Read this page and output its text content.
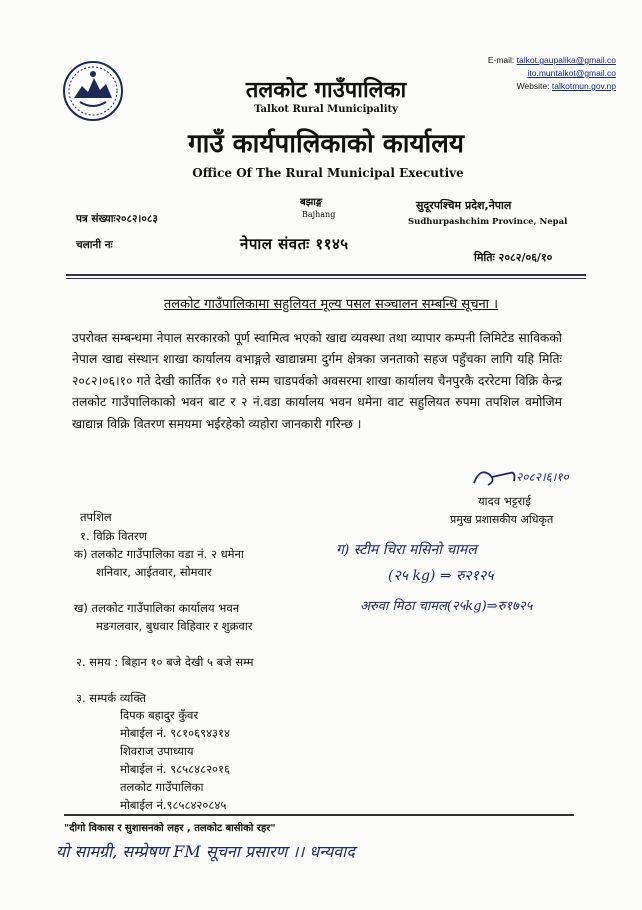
E-mail: talkot.gaupalika@gmail.co
ito.muntalkot@gmail.co
Website: talkotmun.gov.np
तलकोट गाउँपालिका
Talkot Rural Municipality
गाउँ कार्यपालिकाको कार्यालय
Office Of The Rural Municipal Executive
बझाङ्ग
Bajhang
सुदूरपश्चिम प्रदेश,नेपाल
Sudhurpashchim Province, Nepal
पत्र संख्याः२०८२।०८३
चलानी नः	नेपाल संवतः ११४५
मितिः २०८२/०६/१०
तलकोट गाउँपालिकामा सहुलियत मूल्य पसल सञ्चालन सम्बन्धि सूचना ।
उपरोक्त सम्बन्धमा नेपाल सरकारको पूर्ण स्वामित्व भएको खाद्य व्यवस्था तथा व्यापार कम्पनी लिमिटेड साविकको नेपाल खाद्य संस्थान शाखा कार्यालय वभाङ्गले खाद्यान्नमा दुर्गम क्षेत्रका जनताको सहज पहुँचका लागि यहि मितिः २०८२।०६।१० गते देखी कार्तिक १० गते सम्म चाडपर्वको अवसरमा शाखा कार्यालय चैनपुरकै दररेटमा विक्रि केन्द्र तलकोट गाउँपालिकाको भवन बाट र २ नं.वडा कार्यालय भवन धमेना वाट सहुलियत रुपमा तपशिल वमोजिम खाद्यान्न विक्रि वितरण समयमा भईरहेको व्यहोरा जानकारी गरिन्छ ।
२०८२।६।१०
यादव भट्टराई
प्रमुख प्रशासकीय अधिकृत
तपशिल
१. विक्रि वितरण
क) तलकोट गाउँपालिका वडा नं. २ धमेना
शनिवार, आईतवार, सोमवार
ख) तलकोट गाउँपालिका कार्यालय भवन
मङगलवार, बुधवार विहिवार र शुक्रवार
२. समय : बिहान १० बजे देखी ५ बजे सम्म
३. सम्पर्क व्यक्ति
दिपक बहादुर कुँवर
मोबाईल नं. ९८१०६९४३१४
शिवराज उपाध्याय
मोबाईल नं. ९८५८४८२०१६
तलकोट गाउँपालिका
मोबाईल नं.९८५८४२०८४५
ग) स्टीम चिरा मसिनो चामल
(२५ kg) ⇒ रु२१२५
अरुवा मिठा चामल(२५kg)⇒रु१७२५
"दीगो विकास र सुशासनको लहर , तलकोट बासीको रहर"
यो सामग्री, सम्प्रेषण FM सूचना प्रसारण ।। धन्यवाद
